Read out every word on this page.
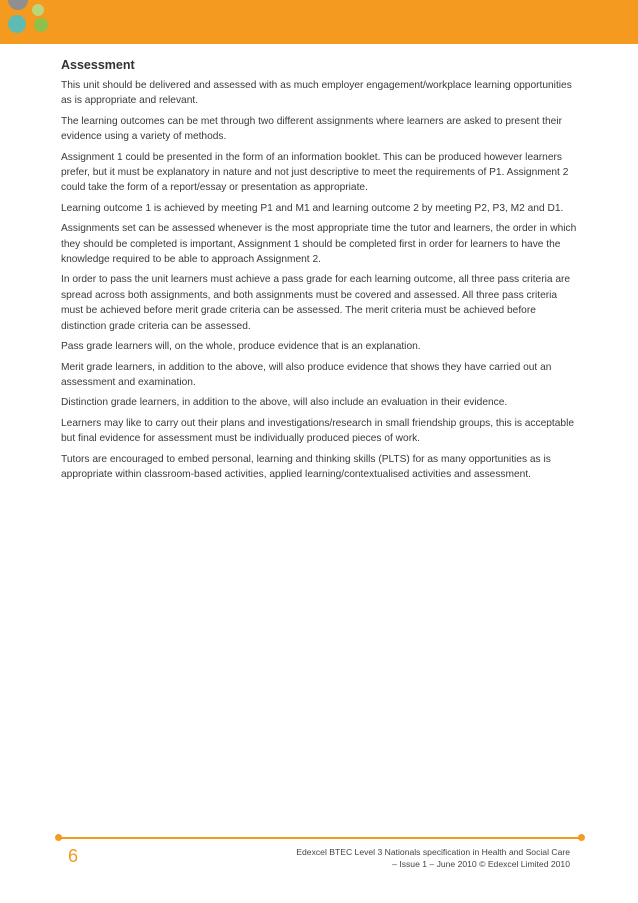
Assessment

This unit should be delivered and assessed with as much employer engagement/workplace learning opportunities as is appropriate and relevant.

The learning outcomes can be met through two different assignments where learners are asked to present their evidence using a variety of methods.

Assignment 1 could be presented in the form of an information booklet. This can be produced however learners prefer, but it must be explanatory in nature and not just descriptive to meet the requirements of P1. Assignment 2 could take the form of a report/essay or presentation as appropriate.

Learning outcome 1 is achieved by meeting P1 and M1 and learning outcome 2 by meeting P2, P3, M2 and D1.

Assignments set can be assessed whenever is the most appropriate time the tutor and learners, the order in which they should be completed is important, Assignment 1 should be completed first in order for learners to have the knowledge required to be able to approach Assignment 2.

In order to pass the unit learners must achieve a pass grade for each learning outcome, all three pass criteria are spread across both assignments, and both assignments must be covered and assessed. All three pass criteria must be achieved before merit grade criteria can be assessed. The merit criteria must be achieved before distinction grade criteria can be assessed.

Pass grade learners will, on the whole, produce evidence that is an explanation.

Merit grade learners, in addition to the above, will also produce evidence that shows they have carried out an assessment and examination.

Distinction grade learners, in addition to the above, will also include an evaluation in their evidence.

Learners may like to carry out their plans and investigations/research in small friendship groups, this is acceptable but final evidence for assessment must be individually produced pieces of work.

Tutors are encouraged to embed personal, learning and thinking skills (PLTS) for as many opportunities as is appropriate within classroom-based activities, applied learning/contextualised activities and assessment.

6	Edexcel BTEC Level 3 Nationals specification in Health and Social Care
– Issue 1 – June 2010 © Edexcel Limited 2010
